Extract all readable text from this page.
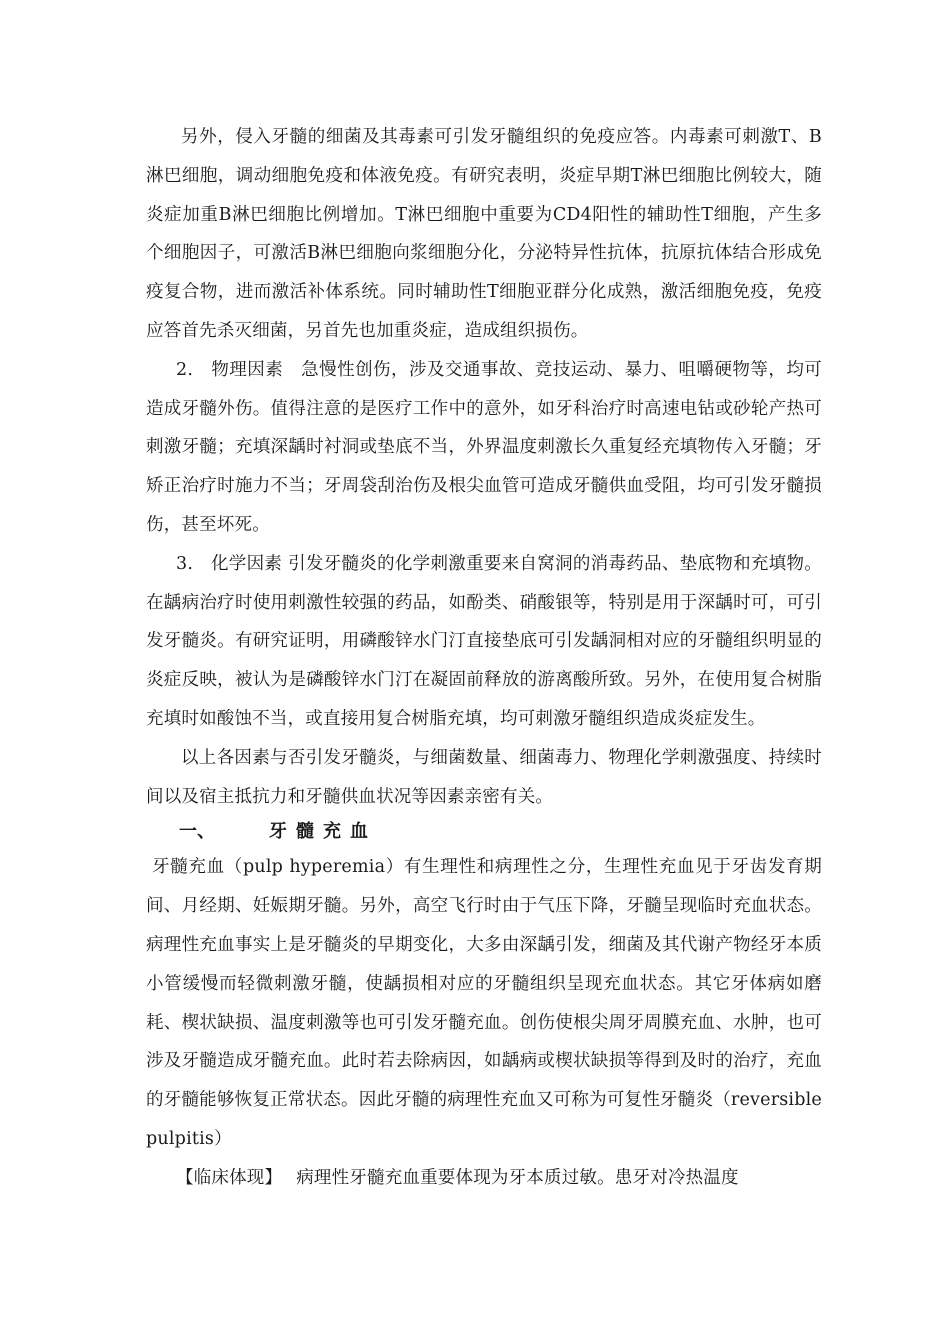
另外，侵入牙髓的细菌及其毒素可引发牙髓组织的免疫应答。内毒素可刺激T、B淋巴细胞，调动细胞免疫和体液免疫。有研究表明，炎症早期T淋巴细胞比例较大，随炎症加重B淋巴细胞比例增加。T淋巴细胞中重要为CD4阳性的辅助性T细胞，产生多个细胞因子，可激活B淋巴细胞向浆细胞分化，分泌特异性抗体，抗原抗体结合形成免疫复合物，进而激活补体系统。同时辅助性T细胞亚群分化成熟，激活细胞免疫，免疫应答首先杀灭细菌，另首先也加重炎症，造成组织损伤。

2.　物理因素　急慢性创伤，涉及交通事故、竞技运动、暴力、咀嚼硬物等，均可造成牙髓外伤。值得注意的是医疗工作中的意外，如牙科治疗时高速电钻或砂轮产热可刺激牙髓；充填深龋时衬洞或垫底不当，外界温度刺激长久重复经充填物传入牙髓；牙矫正治疗时施力不当；牙周袋刮治伤及根尖血管可造成牙髓供血受阻，均可引发牙髓损伤，甚至坏死。

3.　化学因素 引发牙髓炎的化学刺激重要来自窝洞的消毒药品、垫底物和充填物。在龋病治疗时使用刺激性较强的药品，如酚类、硝酸银等，特别是用于深龋时可，可引发牙髓炎。有研究证明，用磷酸锌水门汀直接垫底可引发龋洞相对应的牙髓组织明显的炎症反映，被认为是磷酸锌水门汀在凝固前释放的游离酸所致。另外，在使用复合树脂充填时如酸蚀不当，或直接用复合树脂充填，均可刺激牙髓组织造成炎症发生。

以上各因素与否引发牙髓炎，与细菌数量、细菌毒力、物理化学刺激强度、持续时间以及宿主抵抗力和牙髓供血状况等因素亲密有关。

一、	牙髓充血

牙髓充血（pulp hyperemia）有生理性和病理性之分，生理性充血见于牙齿发育期间、月经期、妊娠期牙髓。另外，高空飞行时由于气压下降，牙髓呈现临时充血状态。病理性充血事实上是牙髓炎的早期变化，大多由深龋引发，细菌及其代谢产物经牙本质小管缓慢而轻微刺激牙髓，使龋损相对应的牙髓组织呈现充血状态。其它牙体病如磨耗、楔状缺损、温度刺激等也可引发牙髓充血。创伤使根尖周牙周膜充血、水肿，也可涉及牙髓造成牙髓充血。此时若去除病因，如龋病或楔状缺损等得到及时的治疗，充血的牙髓能够恢复正常状态。因此牙髓的病理性充血又可称为可复性牙髓炎（reversible pulpitis）

【临床体现】 病理性牙髓充血重要体现为牙本质过敏。患牙对冷热温度
